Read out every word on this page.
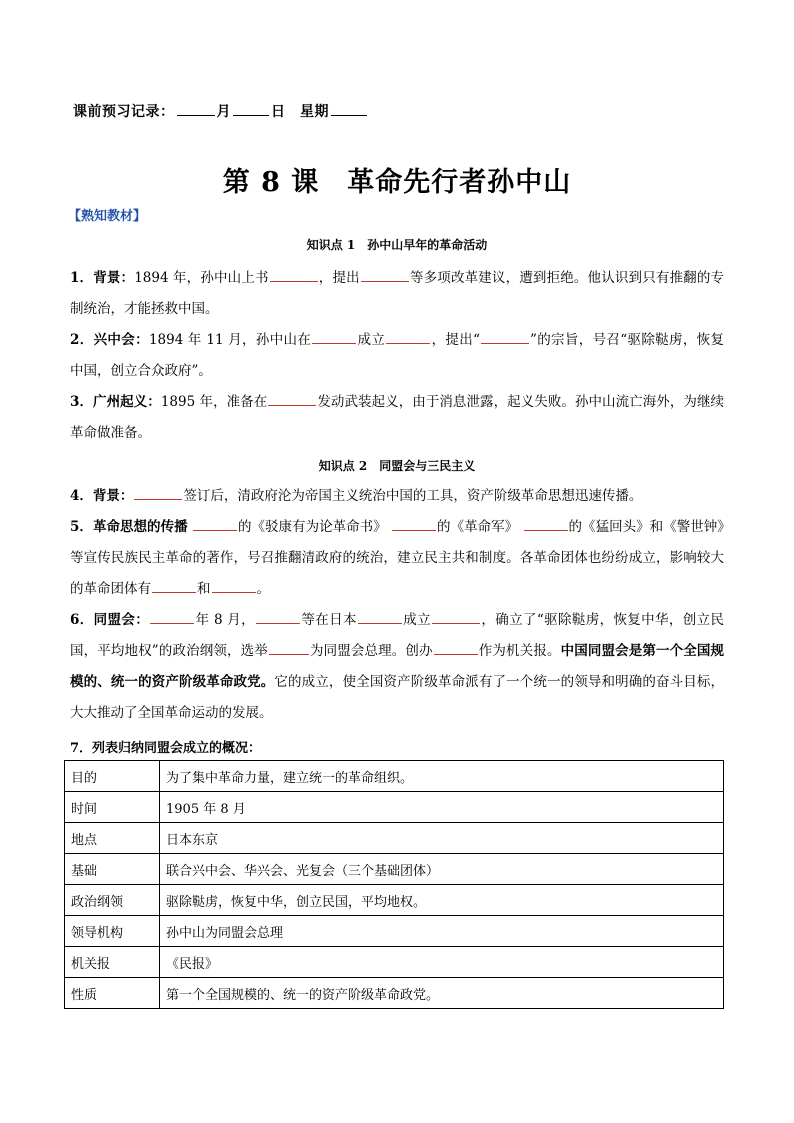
课前预习记录：	月	日　 星期
第 8 课　革命先行者孙中山
【熟知教材】
知识点 1　孙中山早年的革命活动
1．背景：1894 年，孙中山上书	，提出	等多项改革建议，遭到拒绝。他认识到只有推翻的专制统治，才能拯救中国。
2．兴中会：1894 年 11 月，孙中山在	成立	，提出“	”的宗旨，号召“驱除鞑虏，恢复中国，创立合众政府”。
3．广州起义：1895 年，准备在	发动武装起义，由于消息泄露，起义失败。孙中山流亡海外，为继续革命做准备。
知识点 2　同盟会与三民主义
4．背景：	签订后，清政府沦为帝国主义统治中国的工具，资产阶级革命思想迅速传播。
5．革命思想的传播	的《驳康有为论革命书》	的《革命军》	的《猛回头》和《警世钟》等宣传民族民主革命的著作，号召推翻清政府的统治，建立民主共和制度。各革命团体也纷纷成立，影响较大的革命团体有	和	。
6．同盟会：	年 8 月，	等在日本	成立	，确立了“驱除鞑虏，恢复中华，创立民国，平均地权”的政治纲领，选举	为同盟会总理。创办	作为机关报。中国同盟会是第一个全国规模的、统一的资产阶级革命政党。它的成立，使全国资产阶级革命派有了一个统一的领导和明确的奋斗目标，大大推动了全国革命运动的发展。
7．列表归纳同盟会成立的概况：
目的	为了集中革命力量，建立统一的革命组织。
时间	1905 年 8 月
地点	日本东京
基础	联合兴中会、华兴会、光复会（三个基础团体）
政治纲领	驱除鞑虏，恢复中华，创立民国，平均地权。
领导机构	孙中山为同盟会总理
机关报	《民报》
性质	第一个全国规模的、统一的资产阶级革命政党。
